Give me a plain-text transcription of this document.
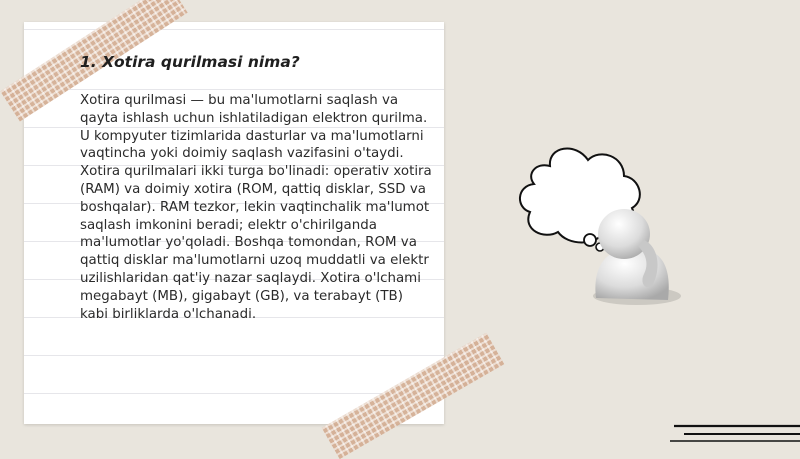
1. Xotira qurilmasi nima?

Xotira qurilmasi — bu ma'lumotlarni saqlash va qayta ishlash uchun ishlatiladigan elektron qurilma. U kompyuter tizimlarida dasturlar va ma'lumotlarni vaqtincha yoki doimiy saqlash vazifasini o'taydi. Xotira qurilmalari ikki turga bo'linadi: operativ xotira (RAM) va doimiy xotira (ROM, qattiq disklar, SSD va boshqalar). RAM tezkor, lekin vaqtinchalik ma'lumot saqlash imkonini beradi; elektr o'chirilganda ma'lumotlar yo'qoladi. Boshqa tomondan, ROM va qattiq disklar ma'lumotlarni uzoq muddatli va elektr uzilishlaridan qat'iy nazar saqlaydi. Xotira o'lchami megabayt (MB), gigabayt (GB), va terabayt (TB) kabi birliklarda o'lchanadi.
